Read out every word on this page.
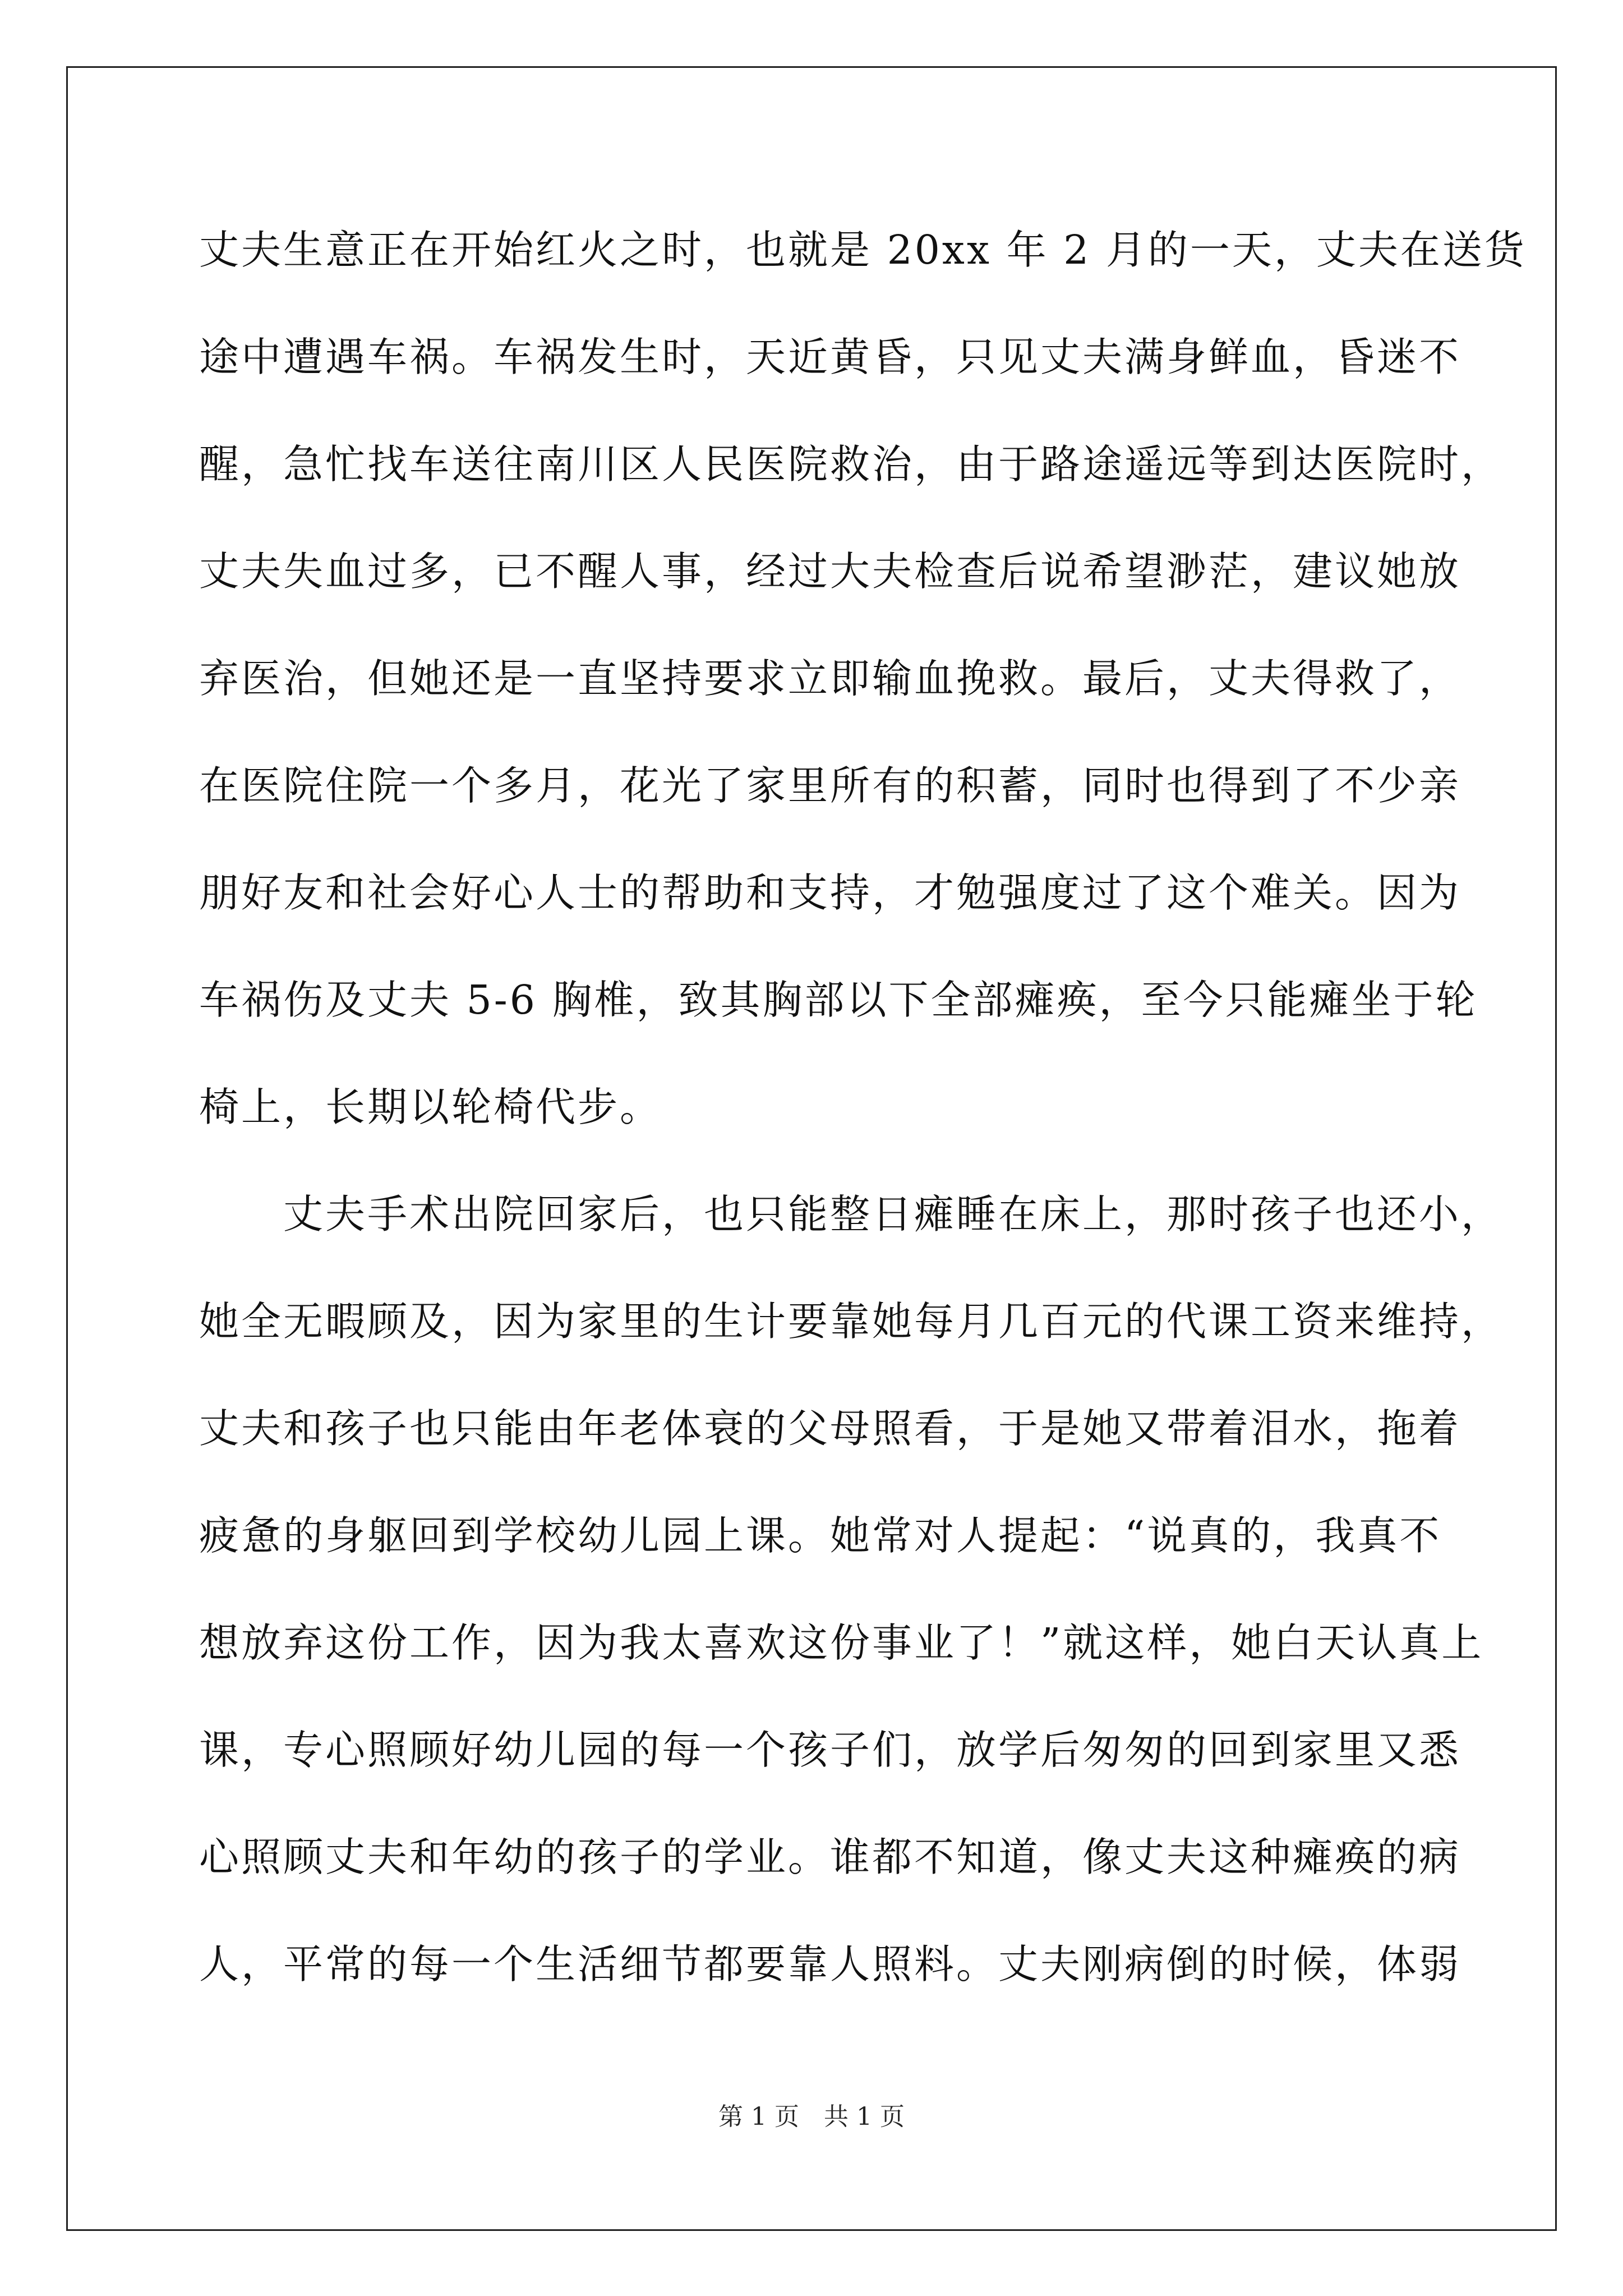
丈夫生意正在开始红火之时，也就是 20xx 年 2 月的一天，丈夫在送货
途中遭遇车祸。车祸发生时，天近黄昏，只见丈夫满身鲜血，昏迷不
醒，急忙找车送往南川区人民医院救治，由于路途遥远等到达医院时，
丈夫失血过多，已不醒人事，经过大夫检查后说希望渺茫，建议她放
弃医治，但她还是一直坚持要求立即输血挽救。最后，丈夫得救了，
在医院住院一个多月，花光了家里所有的积蓄，同时也得到了不少亲
朋好友和社会好心人士的帮助和支持，才勉强度过了这个难关。因为
车祸伤及丈夫 5-6 胸椎，致其胸部以下全部瘫痪，至今只能瘫坐于轮
椅上，长期以轮椅代步。
　　丈夫手术出院回家后，也只能整日瘫睡在床上，那时孩子也还小，
她全无暇顾及，因为家里的生计要靠她每月几百元的代课工资来维持，
丈夫和孩子也只能由年老体衰的父母照看，于是她又带着泪水，拖着
疲惫的身躯回到学校幼儿园上课。她常对人提起：“说真的，我真不
想放弃这份工作，因为我太喜欢这份事业了！”就这样，她白天认真上
课，专心照顾好幼儿园的每一个孩子们，放学后匆匆的回到家里又悉
心照顾丈夫和年幼的孩子的学业。谁都不知道，像丈夫这种瘫痪的病
人，平常的每一个生活细节都要靠人照料。丈夫刚病倒的时候，体弱
第 1 页　共 1 页
